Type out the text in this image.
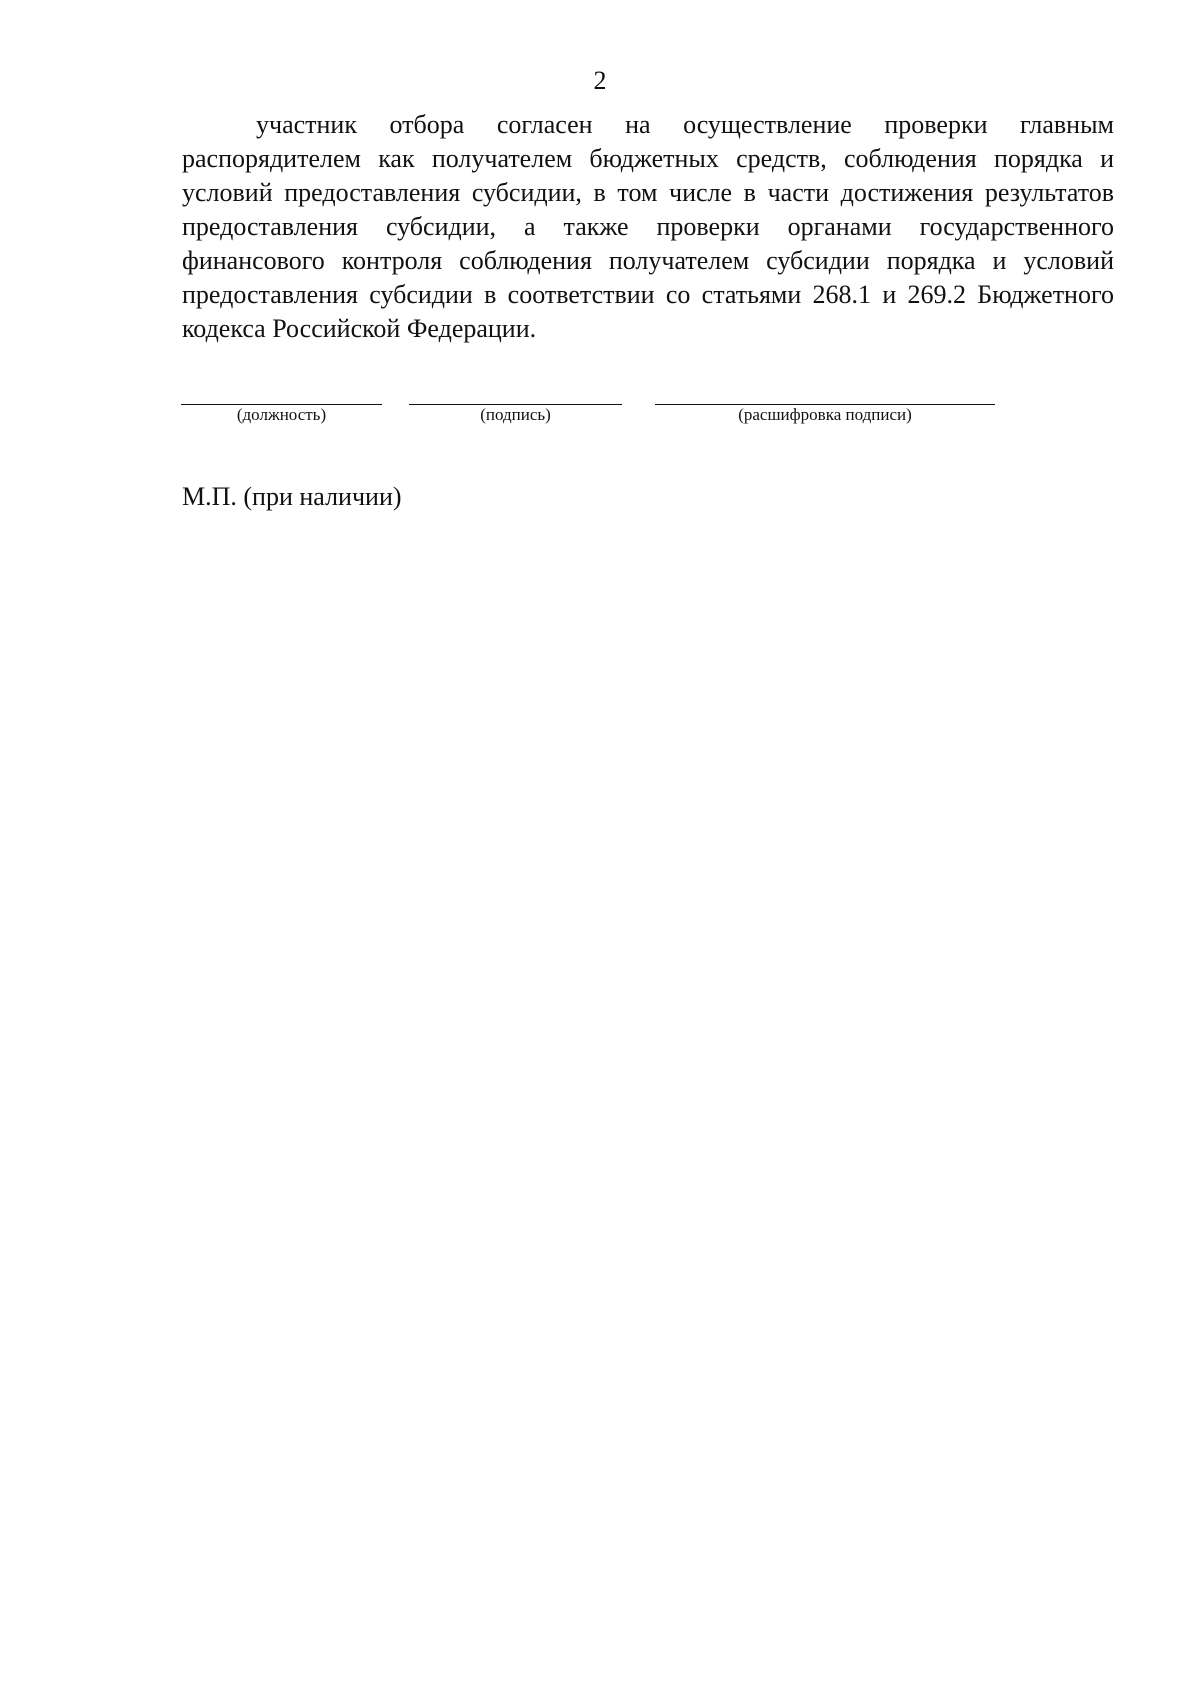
2

участник отбора согласен на осуществление проверки главным распорядителем как получателем бюджетных средств, соблюдения порядка и условий предоставления субсидии, в том числе в части достижения результатов предоставления субсидии, а также проверки органами государственного финансового контроля соблюдения получателем субсидии порядка и условий предоставления субсидии в соответствии со статьями 268.1 и 269.2 Бюджетного кодекса Российской Федерации.

(должность)	(подпись)	(расшифровка подписи)

М.П. (при наличии)
